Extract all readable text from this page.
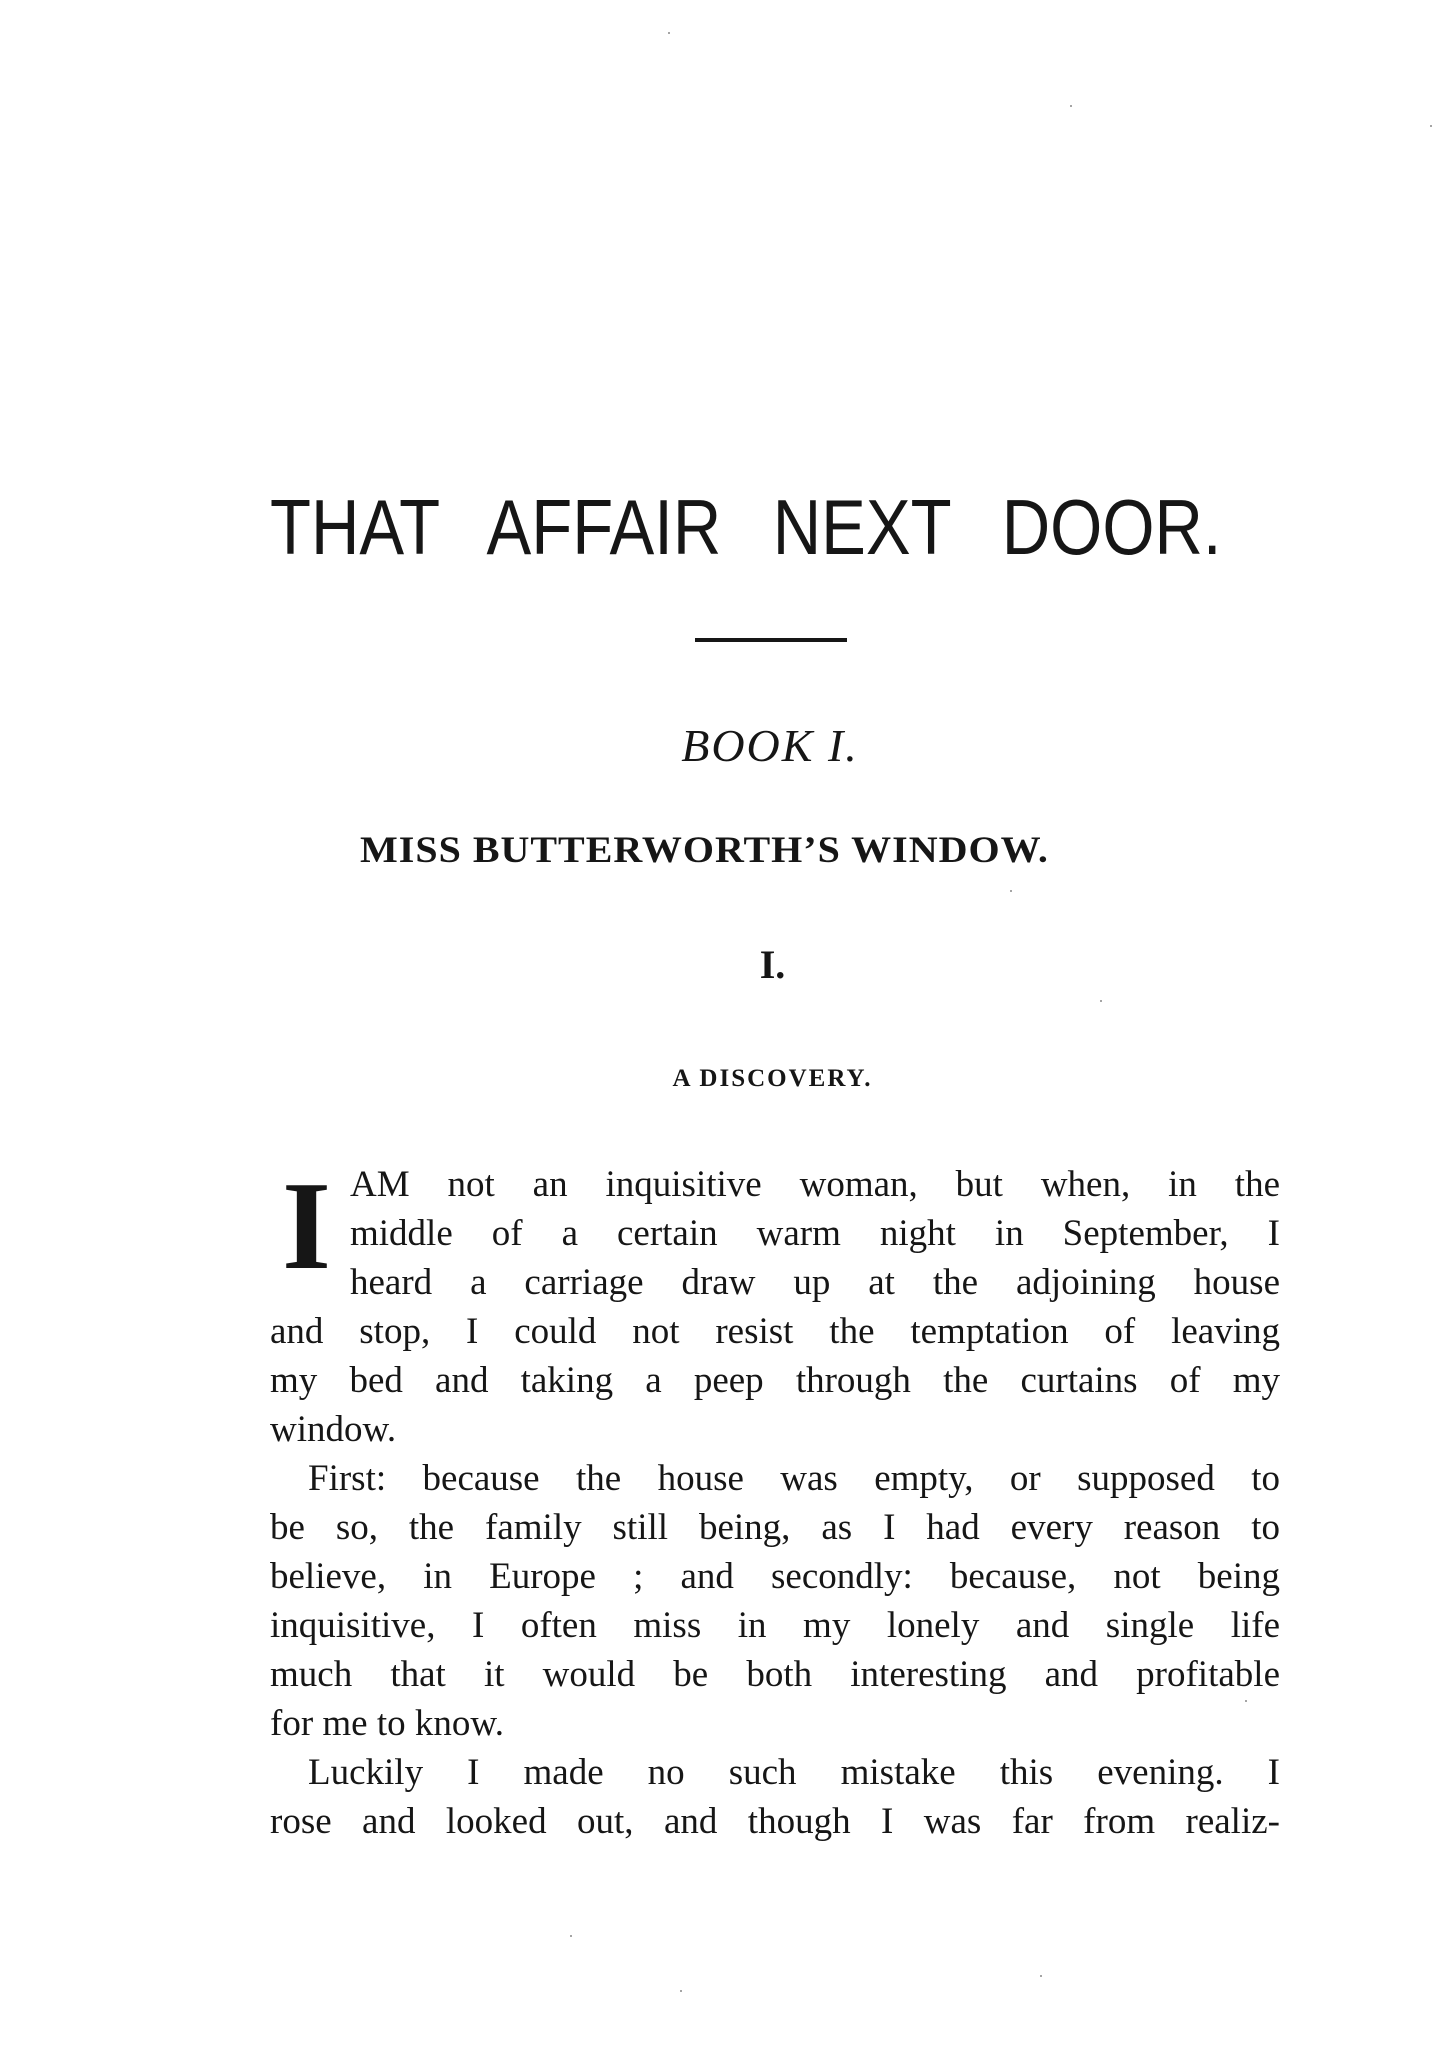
THAT AFFAIR NEXT DOOR.
BOOK I.
MISS BUTTERWORTH’S WINDOW.
I.
A DISCOVERY.
I AM not an inquisitive woman, but when, in the
middle of a certain warm night in September, I
heard a carriage draw up at the adjoining house
and stop, I could not resist the temptation of leaving
my bed and taking a peep through the curtains of my
window.
First: because the house was empty, or supposed to
be so, the family still being, as I had every reason to
believe, in Europe ; and secondly: because, not being
inquisitive, I often miss in my lonely and single life
much that it would be both interesting and profitable
for me to know.
Luckily I made no such mistake this evening. I
rose and looked out, and though I was far from realiz-
